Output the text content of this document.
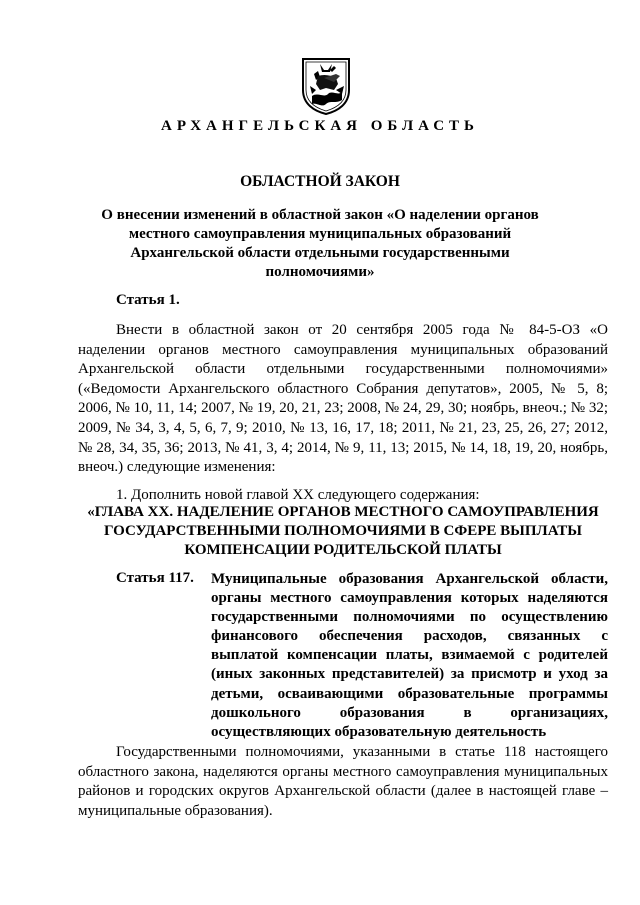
АРХАНГЕЛЬСКАЯ ОБЛАСТЬ
ОБЛАСТНОЙ ЗАКОН
О внесении изменений в областной закон «О наделении органов местного самоуправления муниципальных образований Архангельской области отдельными государственными полномочиями»
Статья 1.

Внести в областной закон от 20 сентября 2005 года № 84-5-ОЗ «О наделении органов местного самоуправления муниципальных образований Архангельской области отдельными государственными полномочиями» («Ведомости Архангельского областного Собрания депутатов», 2005, № 5, 8; 2006, № 10, 11, 14; 2007, № 19, 20, 21, 23; 2008, № 24, 29, 30; ноябрь, внеоч.; № 32; 2009, № 34, 3, 4, 5, 6, 7, 9; 2010, № 13, 16, 17, 18; 2011, № 21, 23, 25, 26, 27; 2012, № 28, 34, 35, 36; 2013, № 41, 3, 4; 2014, № 9, 11, 13; 2015, № 14, 18, 19, 20, ноябрь, внеоч.) следующие изменения:

1. Дополнить новой главой XX следующего содержания:

«ГЛАВА XX. НАДЕЛЕНИЕ ОРГАНОВ МЕСТНОГО САМОУПРАВЛЕНИЯ ГОСУДАРСТВЕННЫМИ ПОЛНОМОЧИЯМИ В СФЕРЕ ВЫПЛАТЫ КОМПЕНСАЦИИ РОДИТЕЛЬСКОЙ ПЛАТЫ
Статья 117. Муниципальные образования Архангельской области, органы местного самоуправления которых наделяются государственными полномочиями по осуществлению финансового обеспечения расходов, связанных с выплатой компенсации платы, взимаемой с родителей (иных законных представителей) за присмотр и уход за детьми, осваивающими образовательные программы дошкольного образования в организациях, осуществляющих образовательную деятельность

Государственными полномочиями, указанными в статье 118 настоящего областного закона, наделяются органы местного самоуправления муниципальных районов и городских округов Архангельской области (далее в настоящей главе – муниципальные образования).
